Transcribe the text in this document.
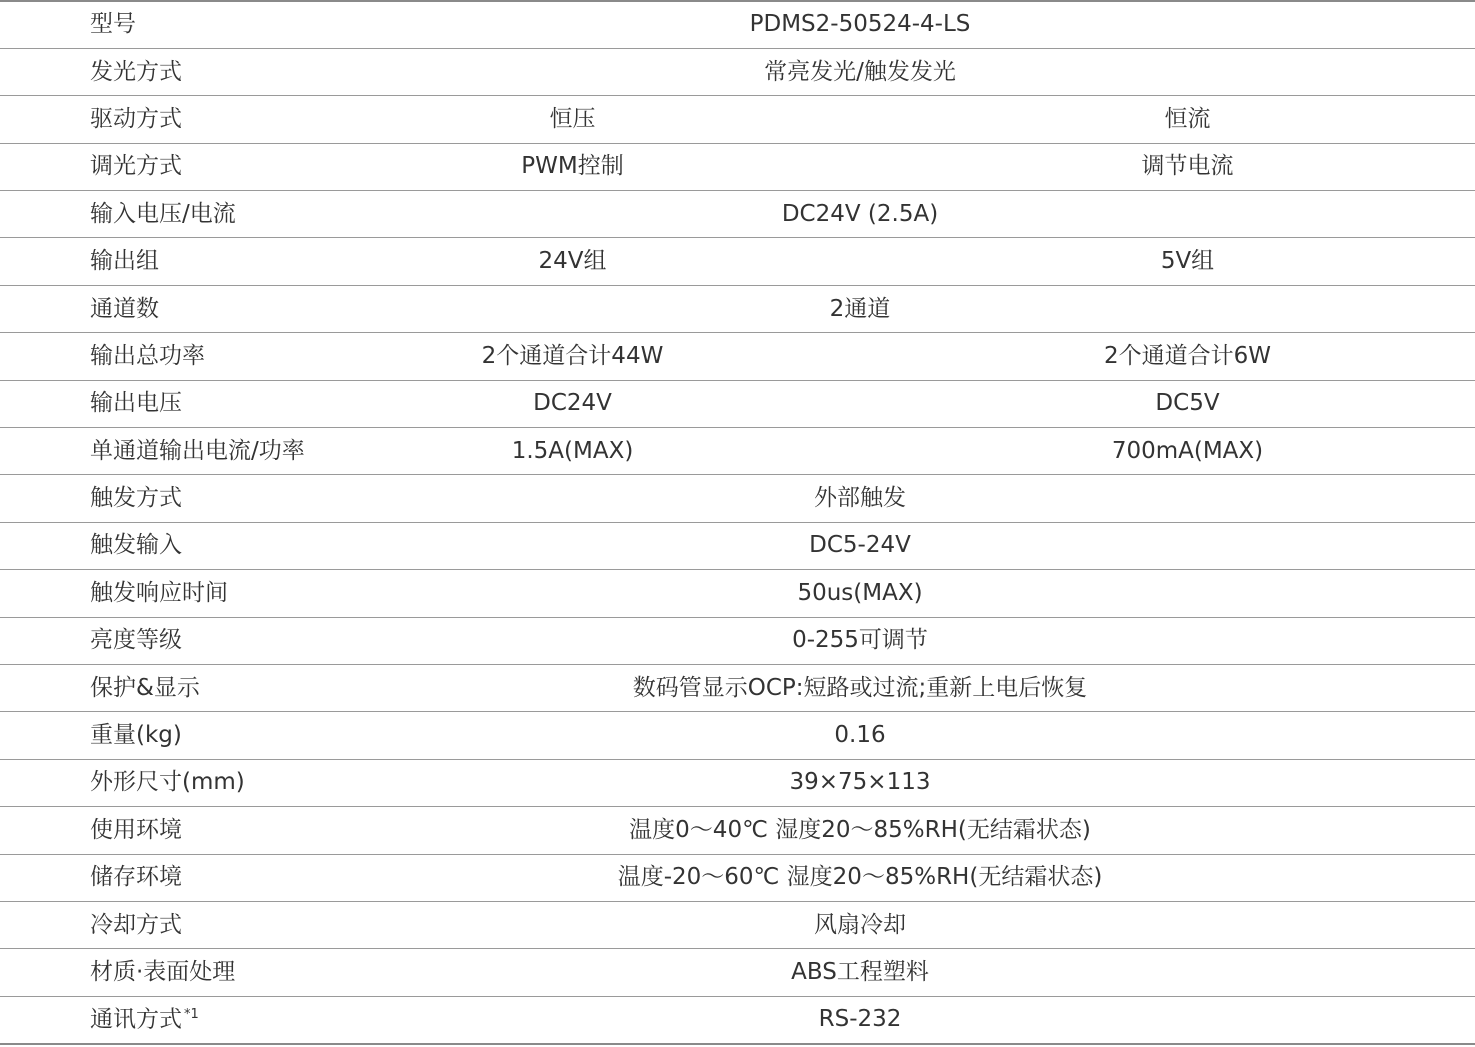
型号	PDMS2-50524-4-LS	
发光方式	常亮发光/触发发光	
驱动方式	恒压	恒流
调光方式	PWM控制	调节电流
输入电压/电流	DC24V (2.5A)	
输出组	24V组	5V组
通道数	2通道	
输出总功率	2个通道合计44W	2个通道合计6W
输出电压	DC24V	DC5V
单通道输出电流/功率	1.5A(MAX)	700mA(MAX)
触发方式	外部触发	
触发输入	DC5-24V	
触发响应时间	50us(MAX)	
亮度等级	0-255可调节	
保护&显示	数码管显示OCP:短路或过流;重新上电后恢复	
重量(kg)	0.16	
外形尺寸(mm)	39×75×113	
使用环境	温度0～40℃ 湿度20～85%RH(无结霜状态)	
储存环境	温度-20～60℃ 湿度20～85%RH(无结霜状态)	
冷却方式	风扇冷却	
材质·表面处理	ABS工程塑料	
通讯方式 $^{*1}$	RS-232	
